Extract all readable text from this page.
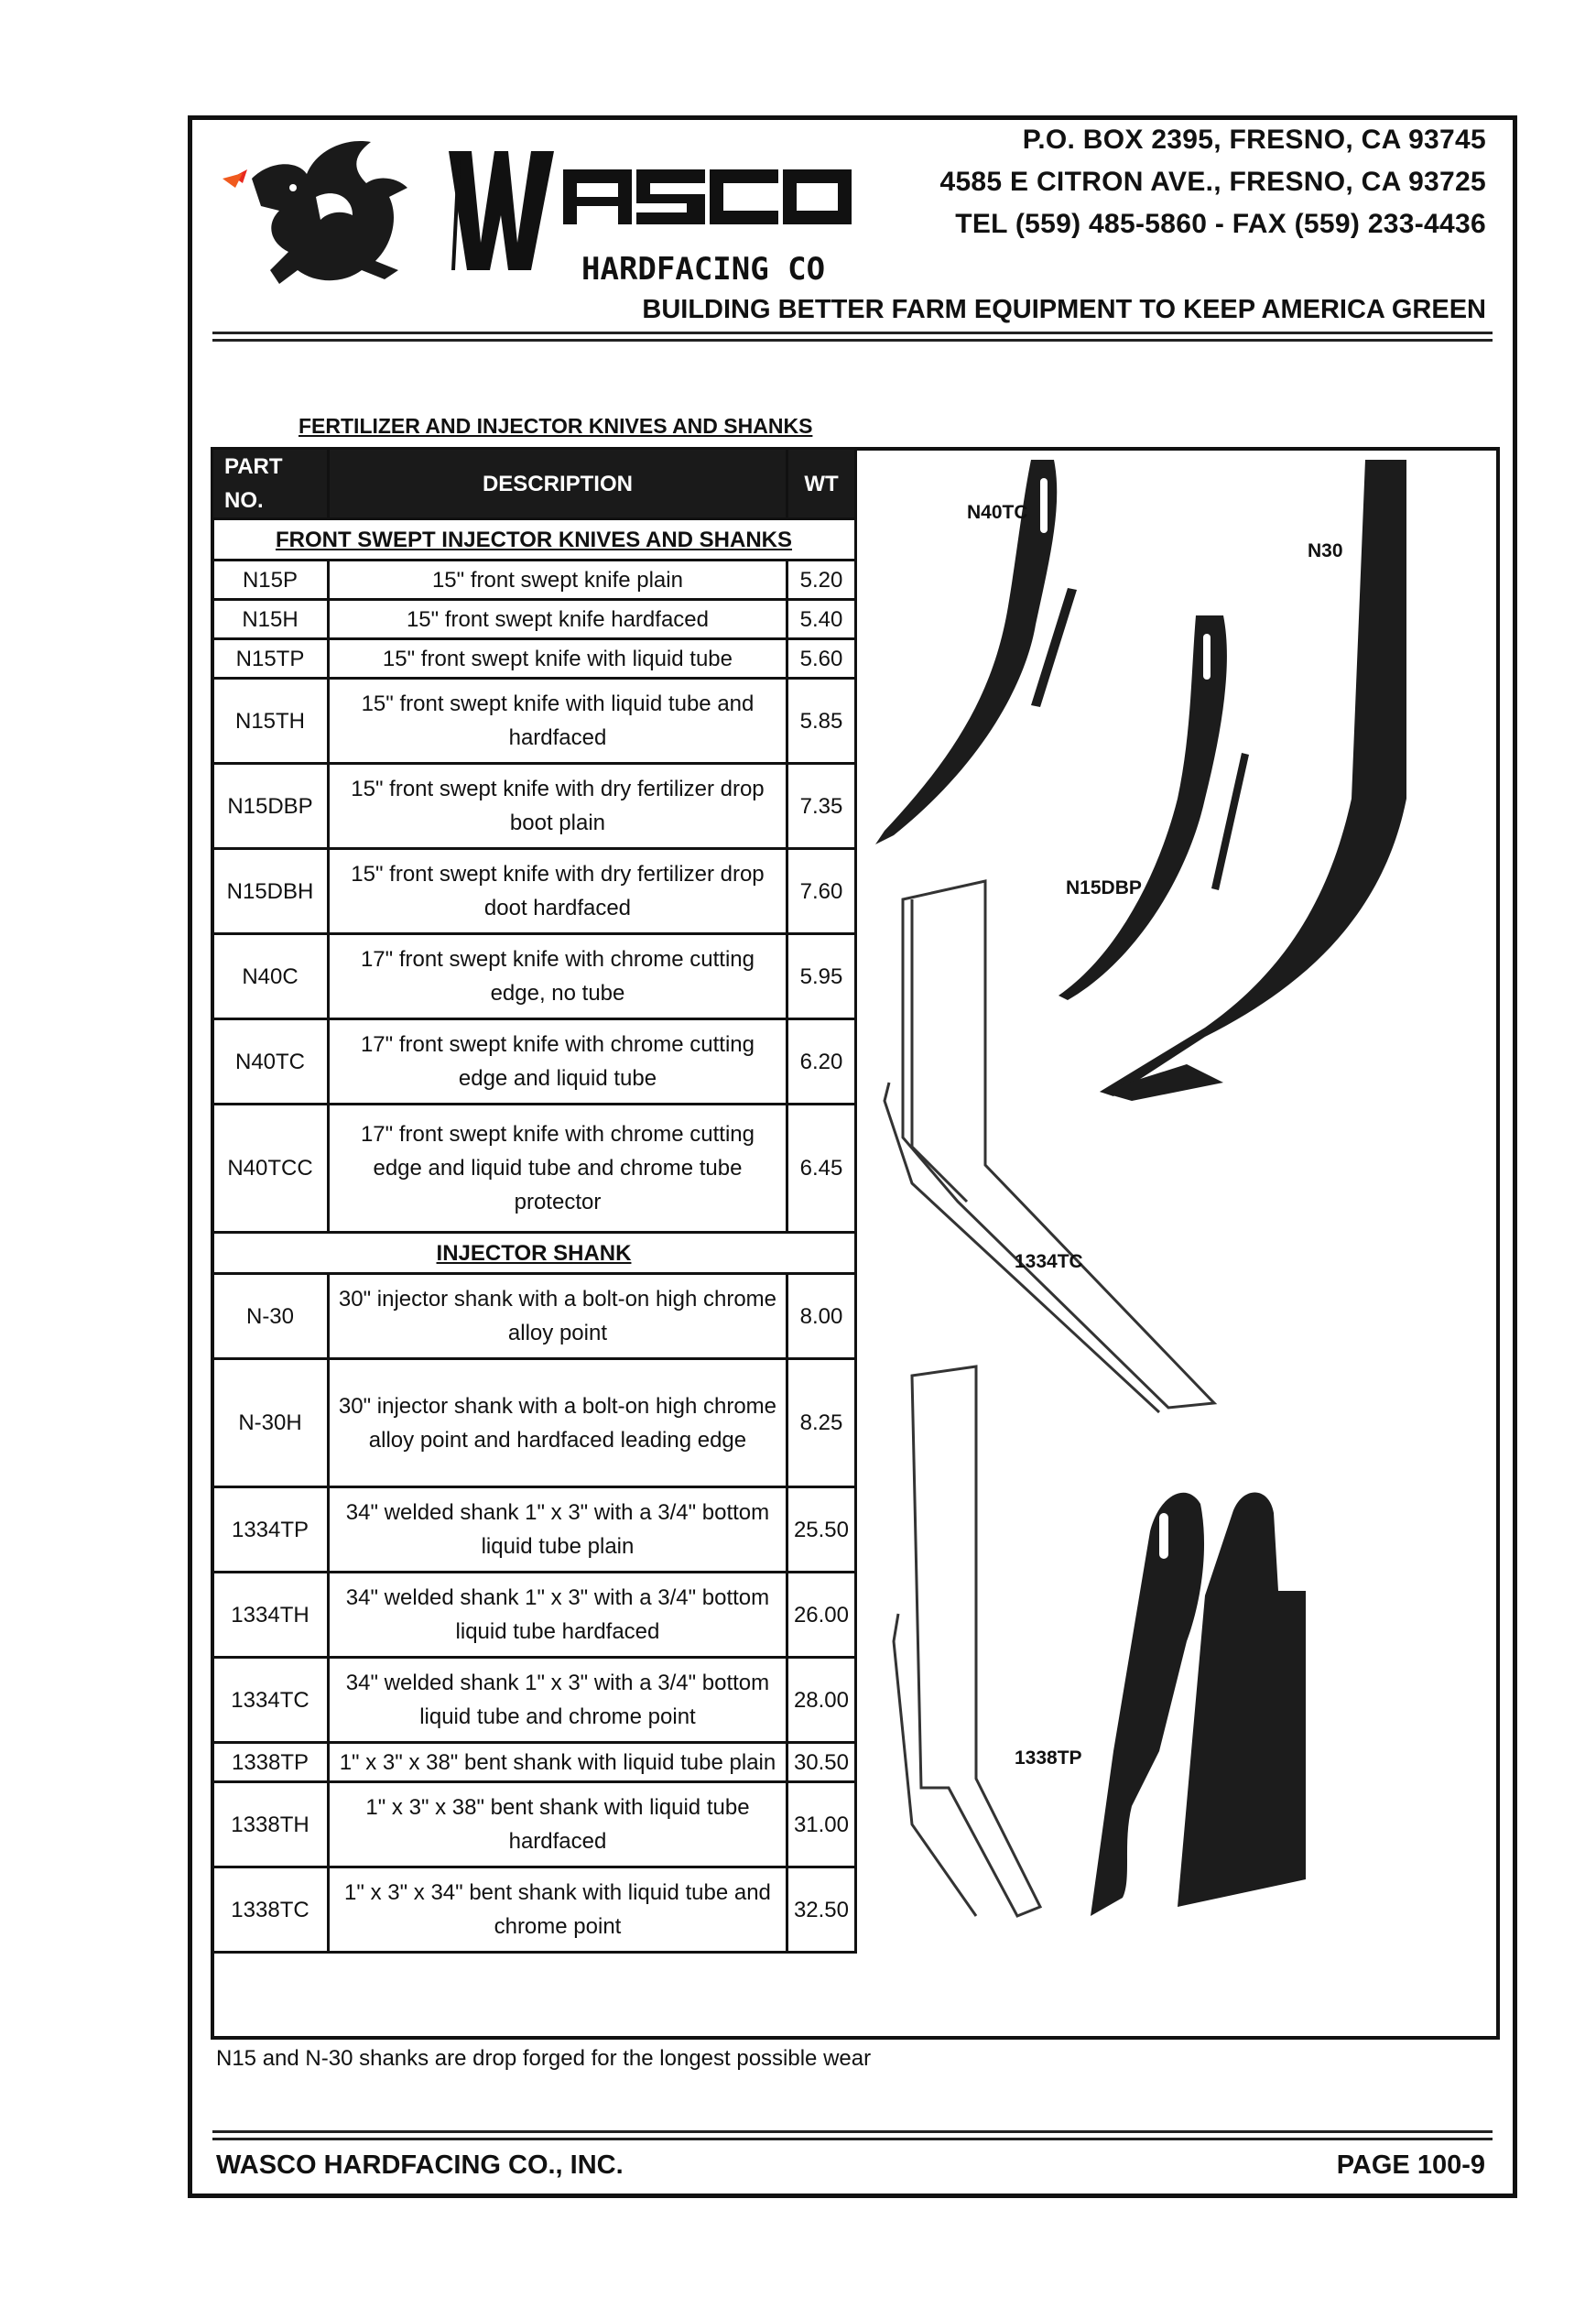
HARDFACING CO
P.O. BOX 2395, FRESNO, CA 93745
4585 E CITRON AVE., FRESNO, CA 93725
TEL (559) 485-5860 - FAX (559) 233-4436
BUILDING BETTER FARM EQUIPMENT TO KEEP AMERICA GREEN
FERTILIZER AND INJECTOR KNIVES AND SHANKS
PART NO.	DESCRIPTION	WT
FRONT SWEPT INJECTOR KNIVES AND SHANKS		
N15P	15" front swept knife plain	5.20
N15H	15" front swept knife hardfaced	5.40
N15TP	15" front swept knife with liquid tube	5.60
N15TH	15" front swept knife with liquid tube and hardfaced	5.85
N15DBP	15" front swept knife with dry fertilizer drop boot plain	7.35
N15DBH	15" front swept knife with dry fertilizer drop doot hardfaced	7.60
N40C	17" front swept knife with chrome cutting edge, no tube	5.95
N40TC	17" front swept knife with chrome cutting edge and liquid tube	6.20
N40TCC	17" front swept knife with chrome cutting edge and liquid tube and chrome tube protector	6.45
INJECTOR SHANK		
N-30	30" injector shank with a bolt-on high chrome alloy point	8.00
N-30H	30" injector shank with a bolt-on high chrome alloy point and hardfaced leading edge	8.25
1334TP	34" welded shank 1" x 3" with a 3/4" bottom liquid tube plain	25.50
1334TH	34" welded shank 1" x 3" with a 3/4" bottom liquid tube hardfaced	26.00
1334TC	34" welded shank 1" x 3" with a 3/4" bottom liquid tube and chrome point	28.00
1338TP	1" x 3" x 38" bent shank with liquid tube plain	30.50
1338TH	1" x 3" x 38" bent shank with liquid tube hardfaced	31.00
1338TC	1" x 3" x 34" bent shank with liquid tube and chrome point	32.50
N40TC
N30
N15DBP
1334TC
1338TP
N15 and N-30 shanks are drop forged for the longest possible wear
WASCO HARDFACING CO., INC.	PAGE 100-9
